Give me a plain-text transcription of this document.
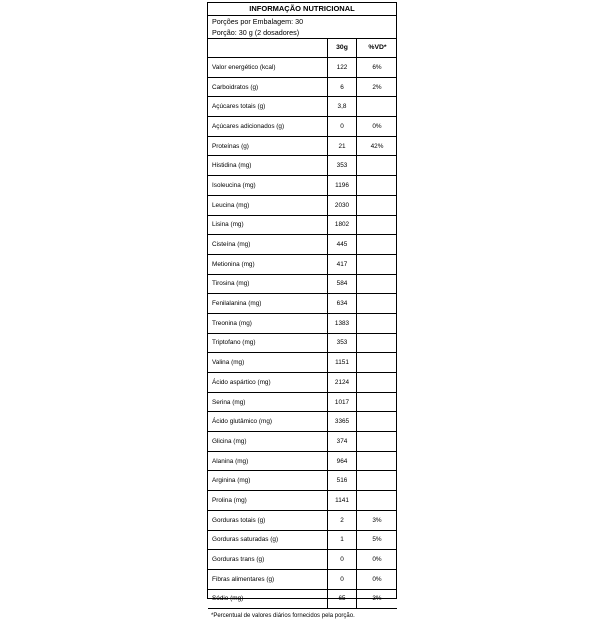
INFORMAÇÃO NUTRICIONAL
Porções por Embalagem: 30
Porção: 30 g (2 dosadores)
30g	%VD*
Valor energético (kcal)	122	6%
Carboidratos (g)	6	2%
Açúcares totais (g)	3,8	
Açúcares adicionados (g)	0	0%
Proteínas (g)	21	42%
Histidina (mg)	353	
Isoleucina (mg)	1196	
Leucina (mg)	2030	
Lisina (mg)	1802	
Cisteína (mg)	445	
Metionina (mg)	417	
Tirosina (mg)	584	
Fenilalanina (mg)	634	
Treonina (mg)	1383	
Triptofano (mg)	353	
Valina (mg)	1151	
Ácido aspártico (mg)	2124	
Serina (mg)	1017	
Ácido glutâmico (mg)	3365	
Glicina (mg)	374	
Alanina (mg)	964	
Arginina (mg)	516	
Prolina (mg)	1141	
Gorduras totais (g)	2	3%
Gorduras saturadas (g)	1	5%
Gorduras trans (g)	0	0%
Fibras alimentares (g)	0	0%
Sódio (mg)	65	3%
*Percentual de valores diários fornecidos pela porção.
